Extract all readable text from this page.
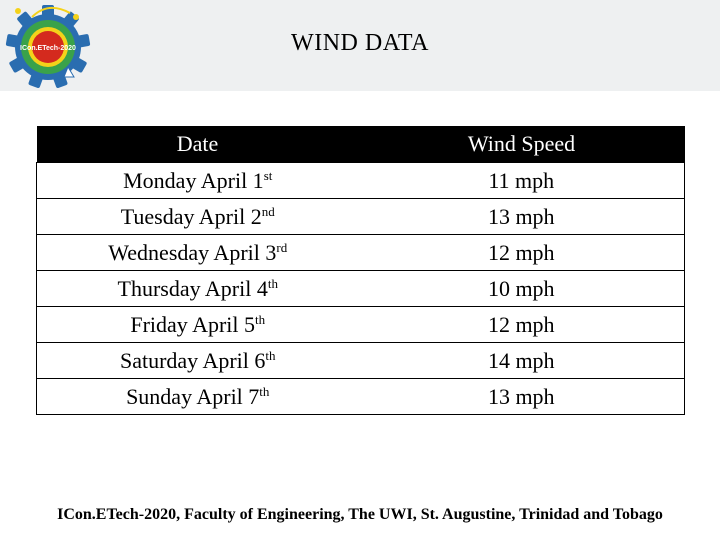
ICon.ETech-2020	WIND DATA
Date	Wind Speed
Monday April 1st	11 mph
Tuesday April 2nd	13 mph
Wednesday April 3rd	12 mph
Thursday April 4th	10 mph
Friday April 5th	12 mph
Saturday April 6th	14 mph
Sunday April 7th	13 mph
ICon.ETech-2020, Faculty of Engineering, The UWI, St. Augustine, Trinidad and Tobago
